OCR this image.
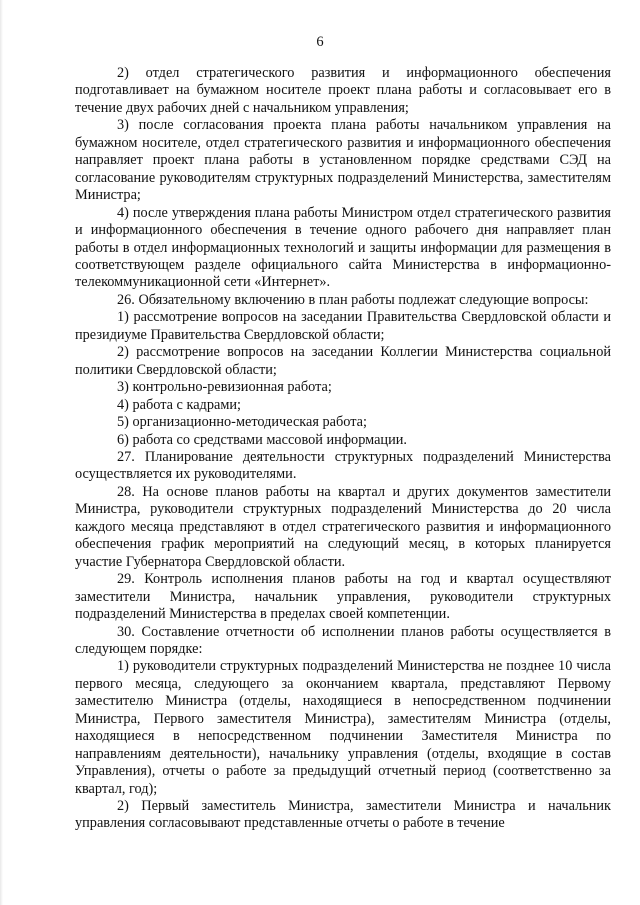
6

2) отдел стратегического развития и информационного обеспечения подготавливает на бумажном носителе проект плана работы и согласовывает его в течение двух рабочих дней с начальником управления;

3) после согласования проекта плана работы начальником управления на бумажном носителе, отдел стратегического развития и информационного обеспечения направляет проект плана работы в установленном порядке средствами СЭД на согласование руководителям структурных подразделений Министерства, заместителям Министра;

4) после утверждения плана работы Министром отдел стратегического развития и информационного обеспечения в течение одного рабочего дня направляет план работы в отдел информационных технологий и защиты информации для размещения в соответствующем разделе официального сайта Министерства в информационно-телекоммуникационной сети «Интернет».

26. Обязательному включению в план работы подлежат следующие вопросы:

1) рассмотрение вопросов на заседании Правительства Свердловской области и президиуме Правительства Свердловской области;

2) рассмотрение вопросов на заседании Коллегии Министерства социальной политики Свердловской области;

3) контрольно-ревизионная работа;

4) работа с кадрами;

5) организационно-методическая работа;

6) работа со средствами массовой информации.

27. Планирование деятельности структурных подразделений Министерства осуществляется их руководителями.

28. На основе планов работы на квартал и других документов заместители Министра, руководители структурных подразделений Министерства до 20 числа каждого месяца представляют в отдел стратегического развития и информационного обеспечения график мероприятий на следующий месяц, в которых планируется участие Губернатора Свердловской области.

29. Контроль исполнения планов работы на год и квартал осуществляют заместители Министра, начальник управления, руководители структурных подразделений Министерства в пределах своей компетенции.

30. Составление отчетности об исполнении планов работы осуществляется в следующем порядке:

1) руководители структурных подразделений Министерства не позднее 10 числа первого месяца, следующего за окончанием квартала, представляют Первому заместителю Министра (отделы, находящиеся в непосредственном подчинении Министра, Первого заместителя Министра), заместителям Министра (отделы, находящиеся в непосредственном подчинении Заместителя Министра по направлениям деятельности), начальнику управления (отделы, входящие в состав Управления), отчеты о работе за предыдущий отчетный период (соответственно за квартал, год);

2) Первый заместитель Министра, заместители Министра и начальник управления согласовывают представленные отчеты о работе в течение
